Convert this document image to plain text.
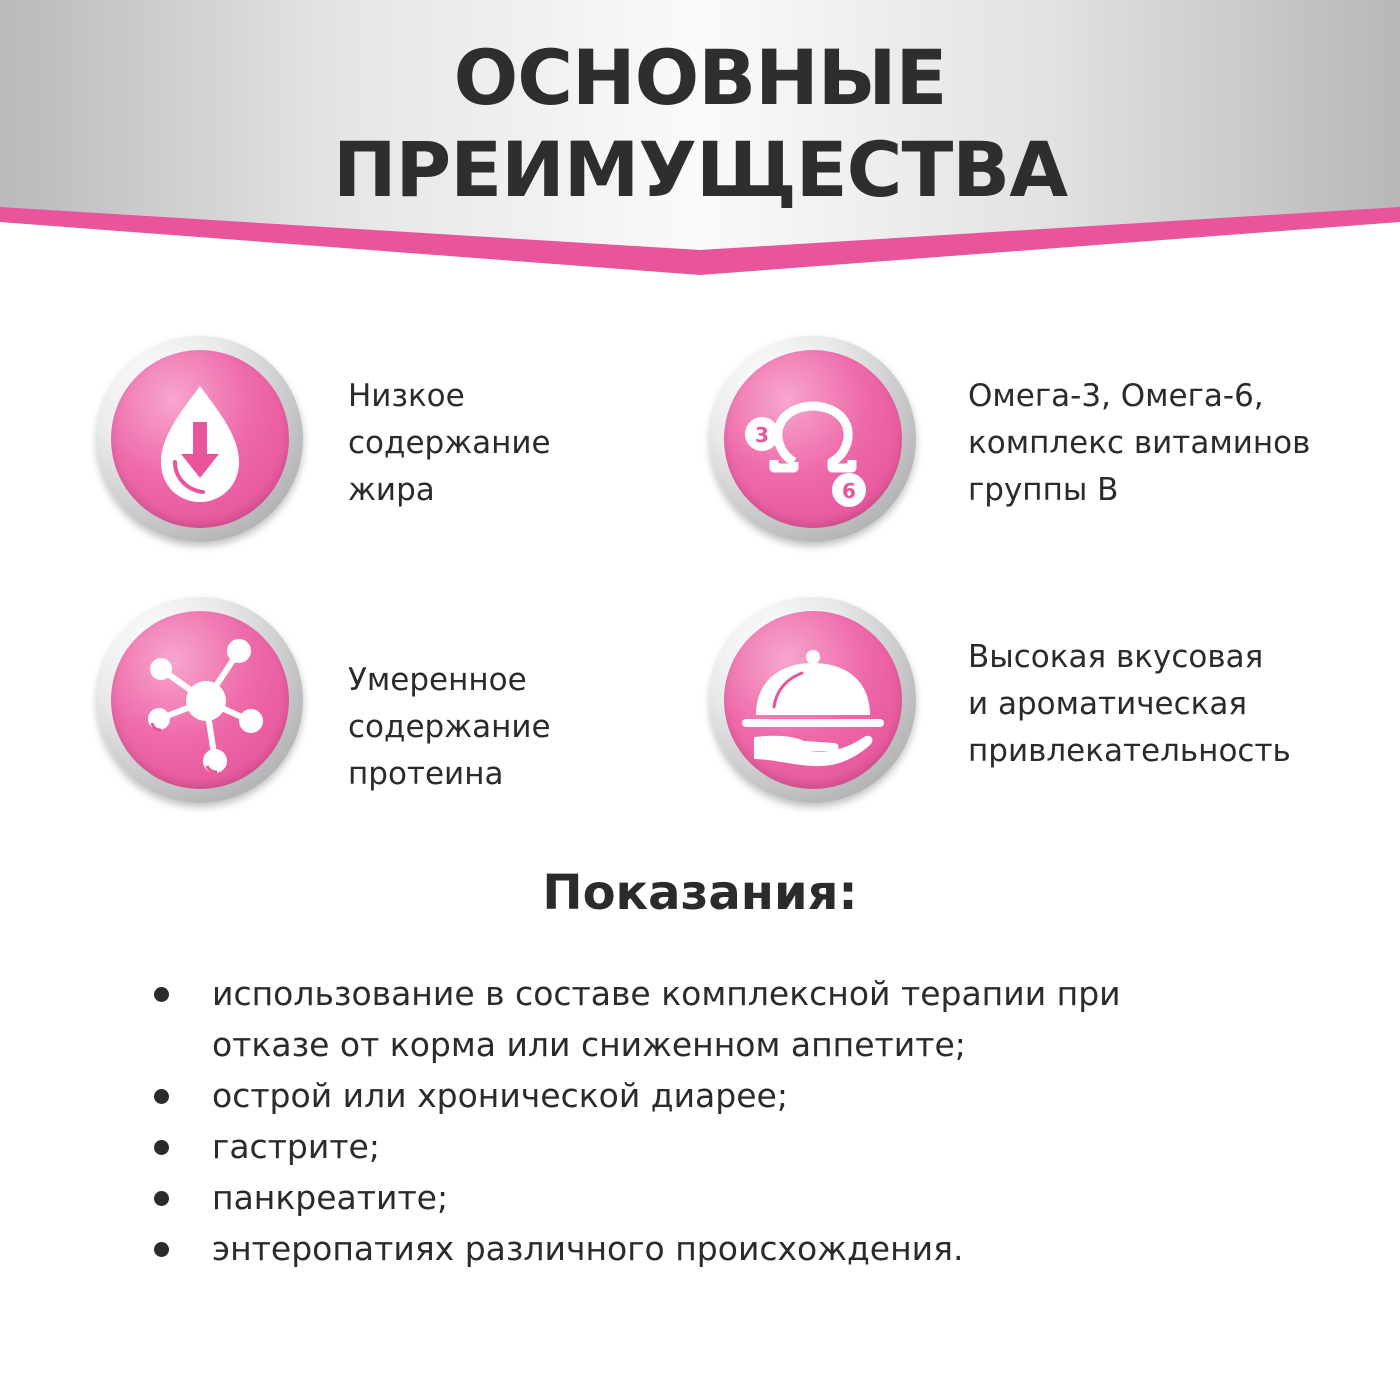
ОСНОВНЫЕ
ПРЕИМУЩЕСТВА
Низкое
содержание
жира
3
6
Омега-3, Омега-6,
комплекс витаминов
группы В
Умеренное
содержание
протеина
Высокая вкусовая
и ароматическая
привлекательность
Показания:
использование в составе комплексной терапии при
отказе от корма или сниженном аппетите;
острой или хронической диарее;
гастрите;
панкреатите;
энтеропатиях различного происхождения.
